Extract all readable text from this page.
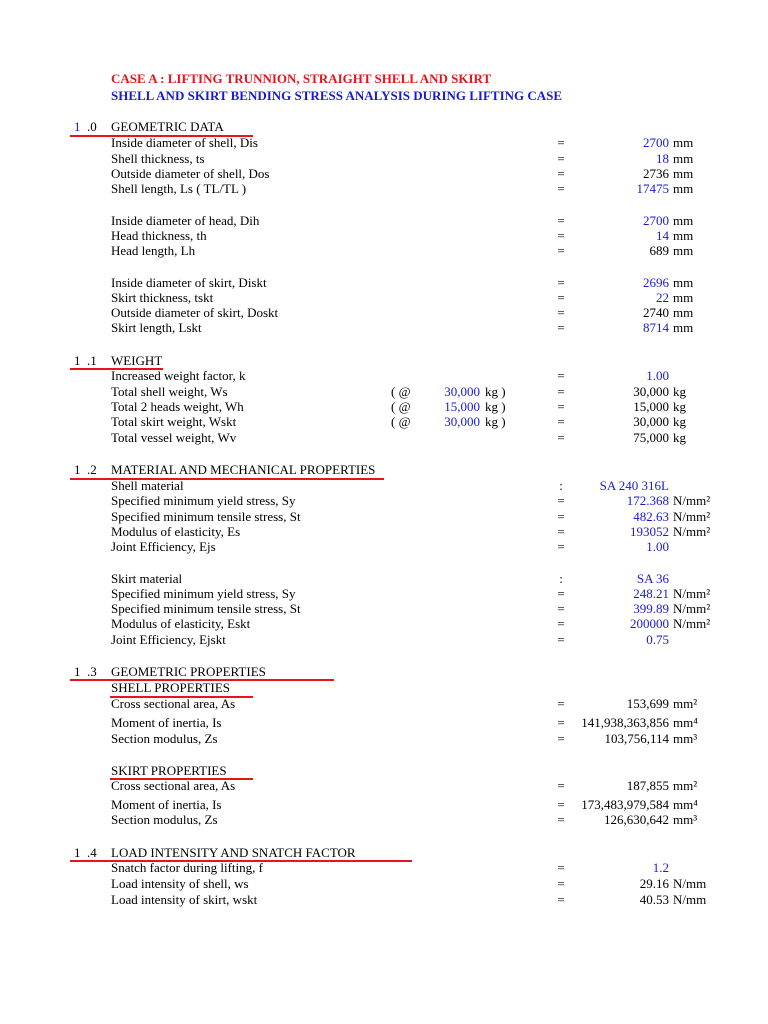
CASE A : LIFTING TRUNNION, STRAIGHT SHELL AND SKIRT
SHELL AND SKIRT BENDING STRESS ANALYSIS DURING LIFTING CASE
1 .0 GEOMETRIC DATA
Inside diameter of shell, Dis	=	2700 mm
Shell thickness, ts	=	18 mm
Outside diameter of shell, Dos	=	2736 mm
Shell length, Ls ( TL/TL )	=	17475 mm
Inside diameter of head, Dih	=	2700 mm
Head thickness, th	=	14 mm
Head length, Lh	=	689 mm
Inside diameter of skirt, Diskt	=	2696 mm
Skirt thickness, tskt	=	22 mm
Outside diameter of skirt, Doskt	=	2740 mm
Skirt length, Lskt	=	8714 mm
1 .1 WEIGHT
Increased weight factor, k	=	1.00
Total shell weight, Ws	( @	30,000 kg )	=	30,000 kg
Total 2 heads weight, Wh	( @	15,000 kg )	=	15,000 kg
Total skirt weight, Wskt	( @	30,000 kg )	=	30,000 kg
Total vessel weight, Wv	=	75,000 kg
1 .2 MATERIAL AND MECHANICAL PROPERTIES
Shell material	:	SA 240 316L
Specified minimum yield stress, Sy	=	172.368 N/mm²
Specified minimum tensile stress, St	=	482.63 N/mm²
Modulus of elasticity, Es	=	193052 N/mm²
Joint Efficiency, Ejs	=	1.00
Skirt material	:	SA 36
Specified minimum yield stress, Sy	=	248.21 N/mm²
Specified minimum tensile stress, St	=	399.89 N/mm²
Modulus of elasticity, Eskt	=	200000 N/mm²
Joint Efficiency, Ejskt	=	0.75
1 .3 GEOMETRIC PROPERTIES
SHELL PROPERTIES
Cross sectional area, As	=	153,699 mm²
Moment of inertia, Is	= 141,938,363,856 mm⁴
Section modulus, Zs	=	103,756,114 mm³
SKIRT PROPERTIES
Cross sectional area, As	=	187,855 mm²
Moment of inertia, Is	= 173,483,979,584 mm⁴
Section modulus, Zs	=	126,630,642 mm³
1 .4 LOAD INTENSITY AND SNATCH FACTOR
Snatch factor during lifting, f	=	1.2
Load intensity of shell, ws	=	29.16 N/mm
Load intensity of skirt, wskt	=	40.53 N/mm
